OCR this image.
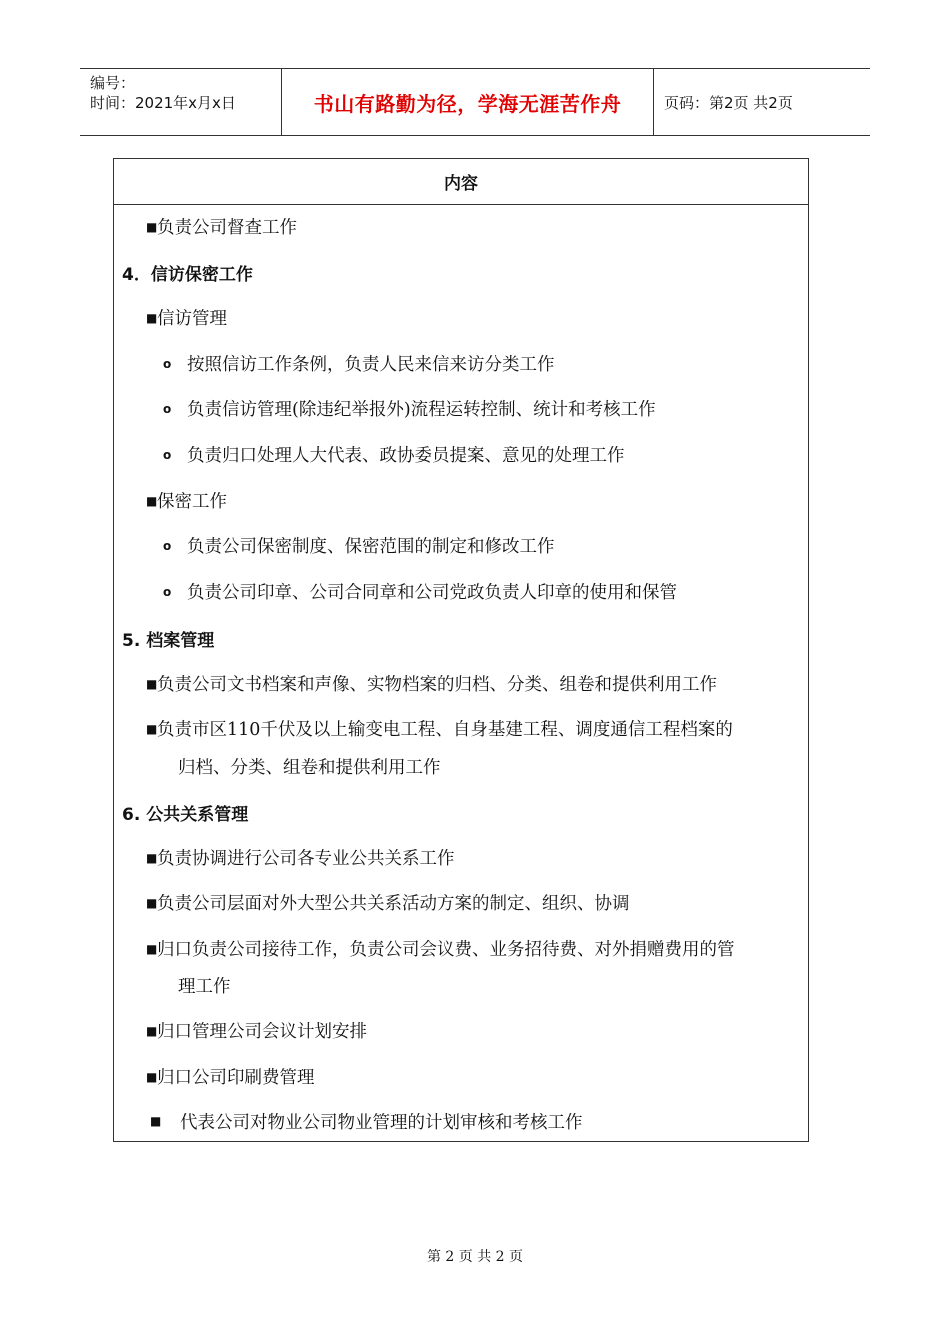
编号：
时间：2021年x月x日	书山有路勤为径，学海无涯苦作舟	页码：第2页 共2页
内容
■负责公司督查工作
4．信访保密工作
■信访管理
o 按照信访工作条例，负责人民来信来访分类工作
o 负责信访管理(除违纪举报外)流程运转控制、统计和考核工作
o 负责归口处理人大代表、政协委员提案、意见的处理工作
■保密工作
o 负责公司保密制度、保密范围的制定和修改工作
o 负责公司印章、公司合同章和公司党政负责人印章的使用和保管
5. 档案管理
■负责公司文书档案和声像、实物档案的归档、分类、组卷和提供利用工作
■负责市区110千伏及以上输变电工程、自身基建工程、调度通信工程档案的
归档、分类、组卷和提供利用工作
6. 公共关系管理
■负责协调进行公司各专业公共关系工作
■负责公司层面对外大型公共关系活动方案的制定、组织、协调
■归口负责公司接待工作，负责公司会议费、业务招待费、对外捐赠费用的管
理工作
■归口管理公司会议计划安排
■归口公司印刷费管理
■ 代表公司对物业公司物业管理的计划审核和考核工作
第 2 页 共 2 页
